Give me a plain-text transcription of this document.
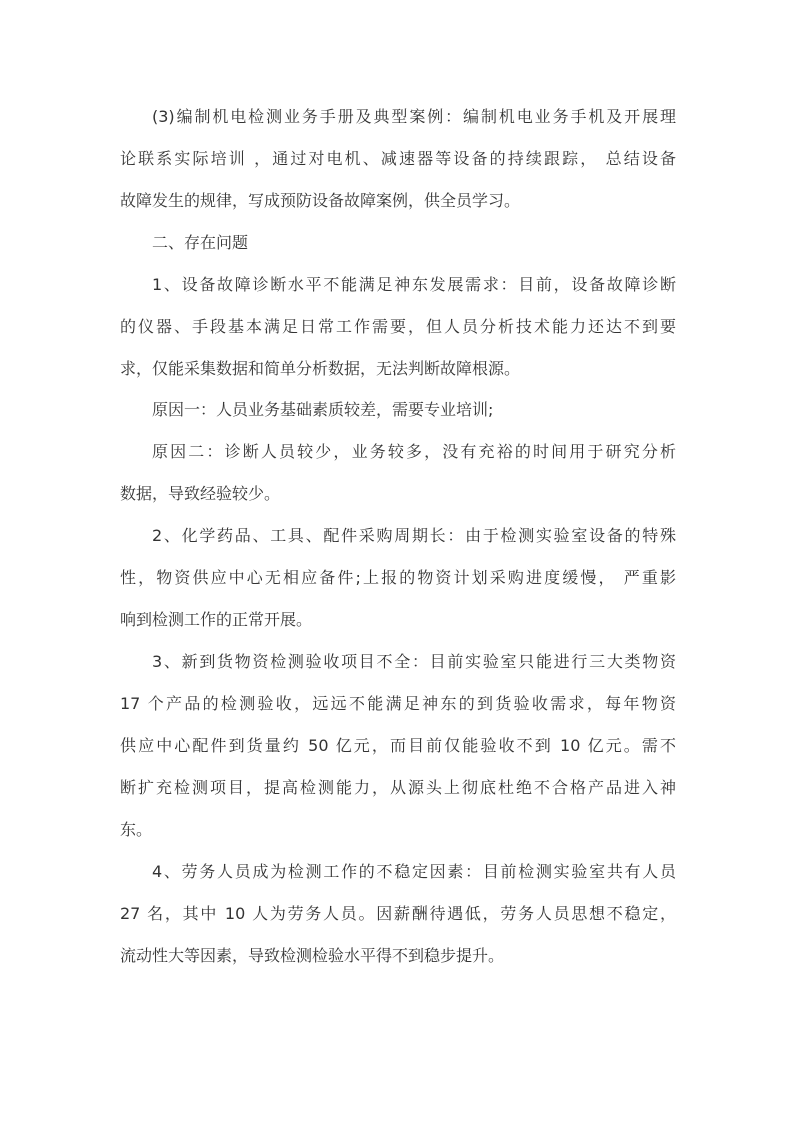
(3)编制机电检测业务手册及典型案例：编制机电业务手机及开展理

论联系实际培训 ，通过对电机、减速器等设备的持续跟踪， 总结设备

故障发生的规律，写成预防设备故障案例，供全员学习。

二、存在问题

1、设备故障诊断水平不能满足神东发展需求：目前，设备故障诊断

的仪器、手段基本满足日常工作需要，但人员分析技术能力还达不到要

求，仅能采集数据和简单分析数据，无法判断故障根源。

原因一：人员业务基础素质较差，需要专业培训;

原因二：诊断人员较少，业务较多，没有充裕的时间用于研究分析

数据，导致经验较少。

2、化学药品、工具、配件采购周期长：由于检测实验室设备的特殊

性，物资供应中心无相应备件;上报的物资计划采购进度缓慢， 严重影

响到检测工作的正常开展。

3、新到货物资检测验收项目不全：目前实验室只能进行三大类物资

17 个产品的检测验收，远远不能满足神东的到货验收需求，每年物资

供应中心配件到货量约 50 亿元，而目前仅能验收不到 10 亿元。需不

断扩充检测项目，提高检测能力，从源头上彻底杜绝不合格产品进入神

东。

4、劳务人员成为检测工作的不稳定因素：目前检测实验室共有人员

27 名，其中 10 人为劳务人员。因薪酬待遇低，劳务人员思想不稳定，

流动性大等因素，导致检测检验水平得不到稳步提升。
